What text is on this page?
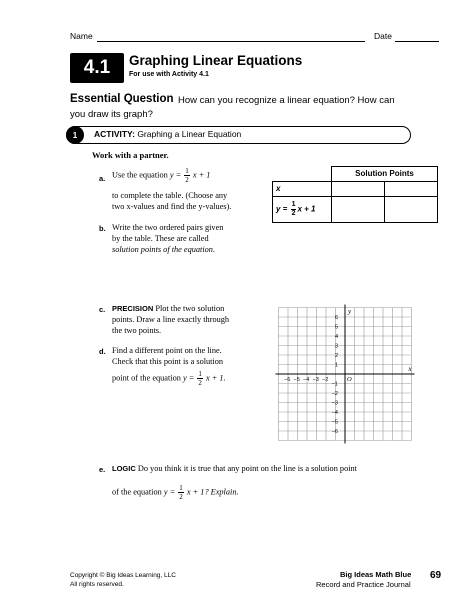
Name	Date
4.1	Graphing Linear Equations
For use with Activity 4.1
Essential Question How can you recognize a linear equation? How can
you draw its graph?
1	ACTIVITY: Graphing a Linear Equation
Work with a partner.
a. Use the equation $y = \frac{1}{2}$ x + 1
to complete the table. (Choose any
two x-values and find the y-values).
b. Write the two ordered pairs given
by the table. These are called
solution points of the equation.
	Solution Points	
x		
$y = \frac{1}{2}$ x + 1		
c. PRECISION Plot the two solution
points. Draw a line exactly through
the two points.
d. Find a different point on the line.
Check that this point is a solution
point of the equation $y = \frac{1}{2}$ x + 1.
x
y
O
−6 −5 −4 −3 −2
6
5
4
3
2
1
−1
−2
−3
−4
−5
−6
e. LOGIC Do you think it is true that any point on the line is a solution point
of the equation $y = \frac{1}{2}$ x + 1? Explain.
Copyright © Big Ideas Learning, LLC
All rights reserved.
Big Ideas Math Blue
Record and Practice Journal
69
